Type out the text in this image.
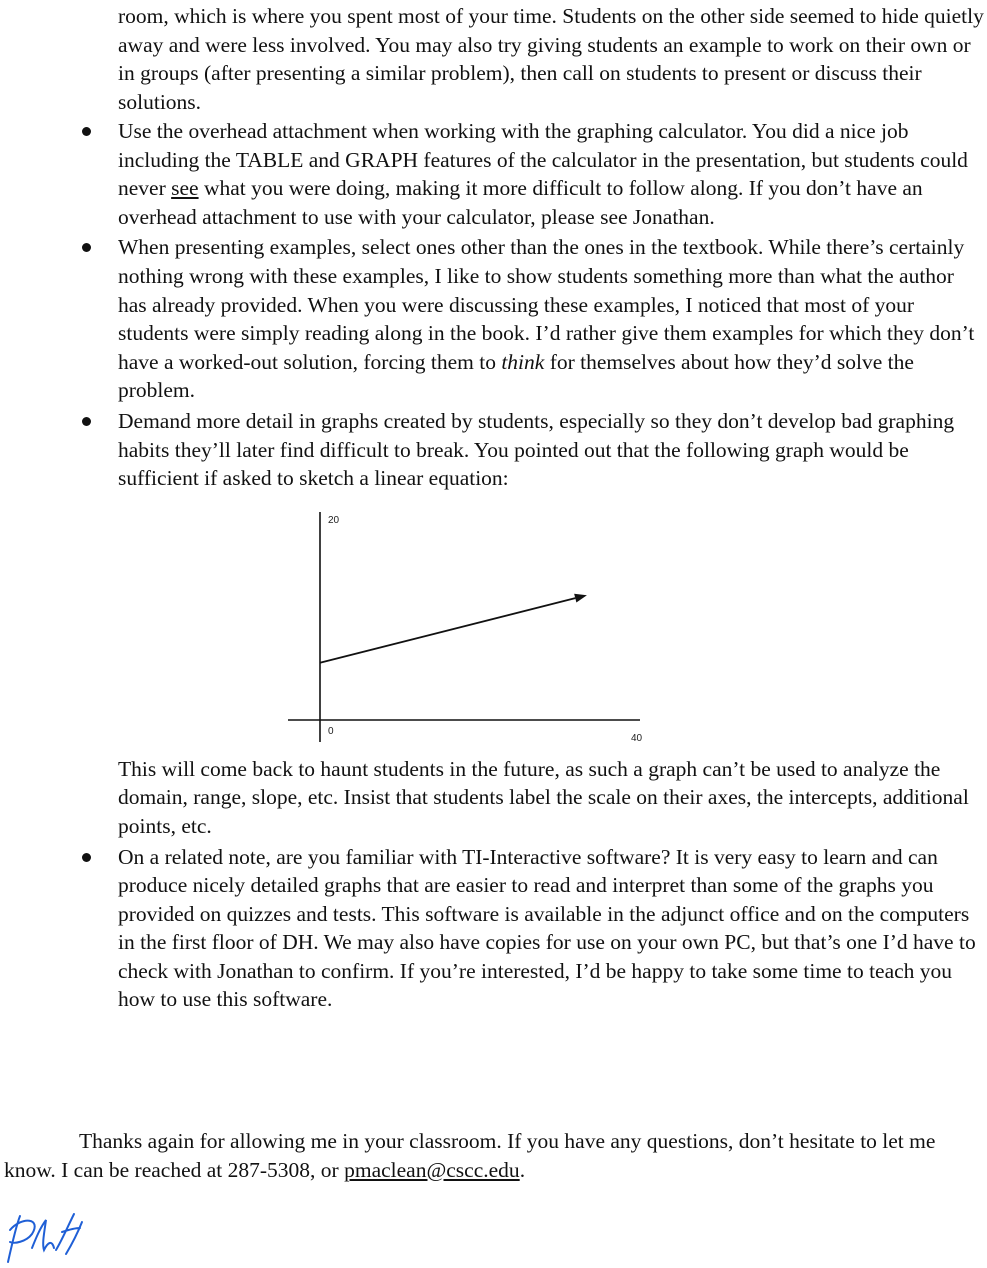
room, which is where you spent most of your time. Students on the other side seemed to hide quietly away and were less involved. You may also try giving students an example to work on their own or in groups (after presenting a similar problem), then call on students to present or discuss their solutions.

Use the overhead attachment when working with the graphing calculator. You did a nice job including the TABLE and GRAPH features of the calculator in the presentation, but students could never see what you were doing, making it more difficult to follow along. If you don’t have an overhead attachment to use with your calculator, please see Jonathan.

When presenting examples, select ones other than the ones in the textbook. While there’s certainly nothing wrong with these examples, I like to show students something more than what the author has already provided. When you were discussing these examples, I noticed that most of your students were simply reading along in the book. I’d rather give them examples for which they don’t have a worked-out solution, forcing them to think for themselves about how they’d solve the problem.

Demand more detail in graphs created by students, especially so they don’t develop bad graphing habits they’ll later find difficult to break. You pointed out that the following graph would be sufficient if asked to sketch a linear equation:

20
0
40

This will come back to haunt students in the future, as such a graph can’t be used to analyze the domain, range, slope, etc. Insist that students label the scale on their axes, the intercepts, additional points, etc.

On a related note, are you familiar with TI-Interactive software? It is very easy to learn and can produce nicely detailed graphs that are easier to read and interpret than some of the graphs you provided on quizzes and tests. This software is available in the adjunct office and on the computers in the first floor of DH. We may also have copies for use on your own PC, but that’s one I’d have to check with Jonathan to confirm. If you’re interested, I’d be happy to take some time to teach you how to use this software.

Thanks again for allowing me in your classroom. If you have any questions, don’t hesitate to let me know. I can be reached at 287-5308, or pmaclean@cscc.edu.
